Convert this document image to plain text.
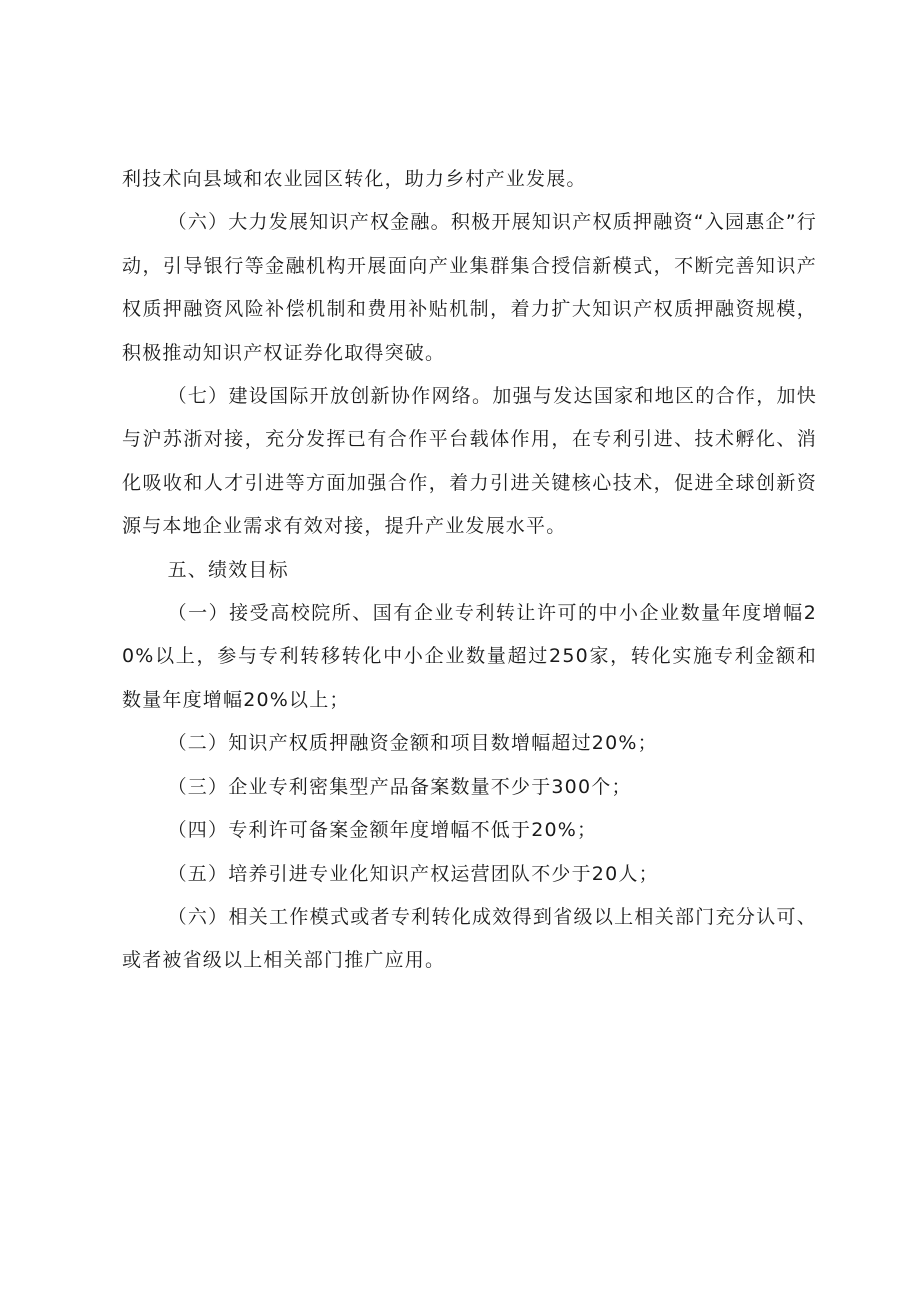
利技术向县域和农业园区转化，助力乡村产业发展。

（六）大力发展知识产权金融。积极开展知识产权质押融资“入园惠企”行动，引导银行等金融机构开展面向产业集群集合授信新模式，不断完善知识产权质押融资风险补偿机制和费用补贴机制，着力扩大知识产权质押融资规模，积极推动知识产权证券化取得突破。

（七）建设国际开放创新协作网络。加强与发达国家和地区的合作，加快与沪苏浙对接，充分发挥已有合作平台载体作用，在专利引进、技术孵化、消化吸收和人才引进等方面加强合作，着力引进关键核心技术，促进全球创新资源与本地企业需求有效对接，提升产业发展水平。

五、绩效目标

（一）接受高校院所、国有企业专利转让许可的中小企业数量年度增幅20%以上，参与专利转移转化中小企业数量超过250家，转化实施专利金额和数量年度增幅20%以上；

（二）知识产权质押融资金额和项目数增幅超过20%；

（三）企业专利密集型产品备案数量不少于300个；

（四）专利许可备案金额年度增幅不低于20%；

（五）培养引进专业化知识产权运营团队不少于20人；

（六）相关工作模式或者专利转化成效得到省级以上相关部门充分认可、或者被省级以上相关部门推广应用。
